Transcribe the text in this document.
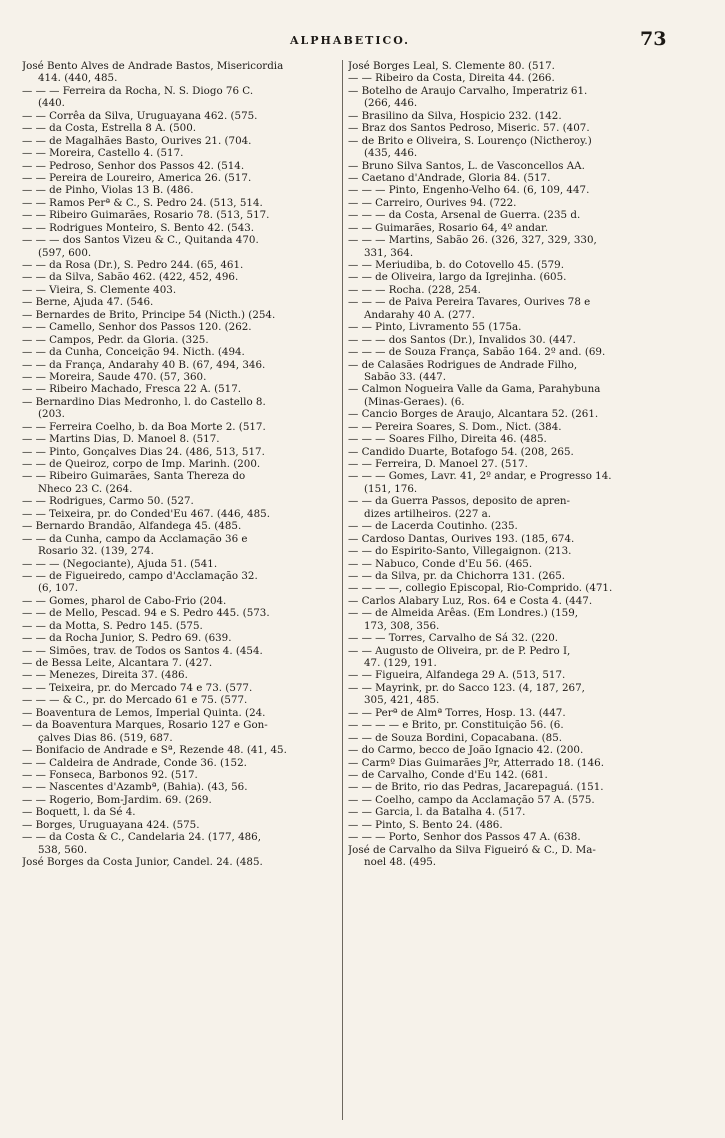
ALPHABETICO.	73
José Bento Alves de Andrade Bastos, Misericordia
414. (440, 485.
— — — Ferreira da Rocha, N. S. Diogo 76 C.
(440.
— — Corrêa da Silva, Uruguayana 462. (575.
— — da Costa, Estrella 8 A. (500.
— — de Magalhães Basto, Ourives 21. (704.
— — Moreira, Castello 4. (517.
— — Pedroso, Senhor dos Passos 42. (514.
— — Pereira de Loureiro, America 26. (517.
— — de Pinho, Violas 13 B. (486.
— — Ramos Perª & C., S. Pedro 24. (513, 514.
— — Ribeiro Guimarães, Rosario 78. (513, 517.
— — Rodrigues Monteiro, S. Bento 42. (543.
— — — dos Santos Vizeu & C., Quitanda 470.
(597, 600.
— — da Rosa (Dr.), S. Pedro 244. (65, 461.
— — da Silva, Sabão 462. (422, 452, 496.
— — Vieira, S. Clemente 403.
— Berne, Ajuda 47. (546.
— Bernardes de Brito, Principe 54 (Nicth.) (254.
— — Camello, Senhor dos Passos 120. (262.
— — Campos, Pedr. da Gloria. (325.
— — da Cunha, Conceição 94. Nicth. (494.
— — da França, Andarahy 40 B. (67, 494, 346.
— — Moreira, Saude 470. (57, 360.
— — Ribeiro Machado, Fresca 22 A. (517.
— Bernardino Dias Medronho, l. do Castello 8.
(203.
— — Ferreira Coelho, b. da Boa Morte 2. (517.
— — Martins Dias, D. Manoel 8. (517.
— — Pinto, Gonçalves Dias 24. (486, 513, 517.
— — de Queiroz, corpo de Imp. Marinh. (200.
— — Ribeiro Guimarães, Santa Thereza do
Nheco 23 C. (264.
— — Rodrigues, Carmo 50. (527.
— — Teixeira, pr. do Conded'Eu 467. (446, 485.
— Bernardo Brandão, Alfandega 45. (485.
— — da Cunha, campo da Acclamação 36 e
Rosario 32. (139, 274.
— — — (Negociante), Ajuda 51. (541.
— — de Figueiredo, campo d'Acclamação 32.
(6, 107.
— — Gomes, pharol de Cabo-Frio (204.
— — de Mello, Pescad. 94 e S. Pedro 445. (573.
— — da Motta, S. Pedro 145. (575.
— — da Rocha Junior, S. Pedro 69. (639.
— — Simões, trav. de Todos os Santos 4. (454.
— de Bessa Leite, Alcantara 7. (427.
— — Menezes, Direita 37. (486.
— — Teixeira, pr. do Mercado 74 e 73. (577.
— — — & C., pr. do Mercado 61 e 75. (577.
— Boaventura de Lemos, Imperial Quinta. (24.
— da Boaventura Marques, Rosario 127 e Gon-
çalves Dias 86. (519, 687.
— Bonifacio de Andrade e Sª, Rezende 48. (41, 45.
— — Caldeira de Andrade, Conde 36. (152.
— — Fonseca, Barbonos 92. (517.
— — Nascentes d'Azambª, (Bahia). (43, 56.
— — Rogerio, Bom-Jardim. 69. (269.
— Boquett, l. da Sé 4.
— Borges, Uruguayana 424. (575.
— — da Costa & C., Candelaria 24. (177, 486,
538, 560.
José Borges da Costa Junior, Candel. 24. (485.
José Borges Leal, S. Clemente 80. (517.
— — Ribeiro da Costa, Direita 44. (266.
— Botelho de Araujo Carvalho, Imperatriz 61.
(266, 446.
— Brasilino da Silva, Hospicio 232. (142.
— Braz dos Santos Pedroso, Miseric. 57. (407.
— de Brito e Oliveira, S. Lourenço (Nictheroy.)
(435, 446.
— Bruno Silva Santos, L. de Vasconcellos AA.
— Caetano d'Andrade, Gloria 84. (517.
— — — Pinto, Engenho-Velho 64. (6, 109, 447.
— — Carreiro, Ourives 94. (722.
— — — da Costa, Arsenal de Guerra. (235 d.
— — Guimarães, Rosario 64, 4º andar.
— — — Martins, Sabão 26. (326, 327, 329, 330,
331, 364.
— — Meriudiba, b. do Cotovello 45. (579.
— — de Oliveira, largo da Igrejinha. (605.
— — — Rocha. (228, 254.
— — — de Paiva Pereira Tavares, Ourives 78 e
Andarahy 40 A. (277.
— — Pinto, Livramento 55 (175a.
— — — dos Santos (Dr.), Invalidos 30. (447.
— — — de Souza França, Sabão 164. 2º and. (69.
— de Calasães Rodrigues de Andrade Filho,
Sabão 33. (447.
— Calmon Nogueira Valle da Gama, Parahybuna
(Minas-Geraes). (6.
— Cancio Borges de Araujo, Alcantara 52. (261.
— — Pereira Soares, S. Dom., Nict. (384.
— — — Soares Filho, Direita 46. (485.
— Candido Duarte, Botafogo 54. (208, 265.
— — Ferreira, D. Manoel 27. (517.
— — — Gomes, Lavr. 41, 2º andar, e Progresso 14.
(151, 176.
— — da Guerra Passos, deposito de apren-
dizes artilheiros. (227 a.
— — de Lacerda Coutinho. (235.
— Cardoso Dantas, Ourives 193. (185, 674.
— — do Espirito-Santo, Villegaignon. (213.
— — Nabuco, Conde d'Eu 56. (465.
— — da Silva, pr. da Chichorra 131. (265.
— — — —, collegio Episcopal, Rio-Comprido. (471.
— Carlos Alabary Luz, Ros. 64 e Costa 4. (447.
— — de Almeida Arêas. (Em Londres.) (159,
173, 308, 356.
— — — Torres, Carvalho de Sá 32. (220.
— — Augusto de Oliveira, pr. de P. Pedro I,
47. (129, 191.
— — Figueira, Alfandega 29 A. (513, 517.
— — Mayrink, pr. do Sacco 123. (4, 187, 267,
305, 421, 485.
— — Perª de Almª Torres, Hosp. 13. (447.
— — — — e Brito, pr. Constituição 56. (6.
— — de Souza Bordini, Copacabana. (85.
— do Carmo, becco de João Ignacio 42. (200.
— Carmº Dias Guimarães Jºr, Atterrado 18. (146.
— de Carvalho, Conde d'Eu 142. (681.
— — de Brito, rio das Pedras, Jacarepaguá. (151.
— — Coelho, campo da Acclamação 57 A. (575.
— — Garcia, l. da Batalha 4. (517.
— — Pinto, S. Bento 24. (486.
— — — Porto, Senhor dos Passos 47 A. (638.
José de Carvalho da Silva Figueiró & C., D. Ma-
noel 48. (495.
